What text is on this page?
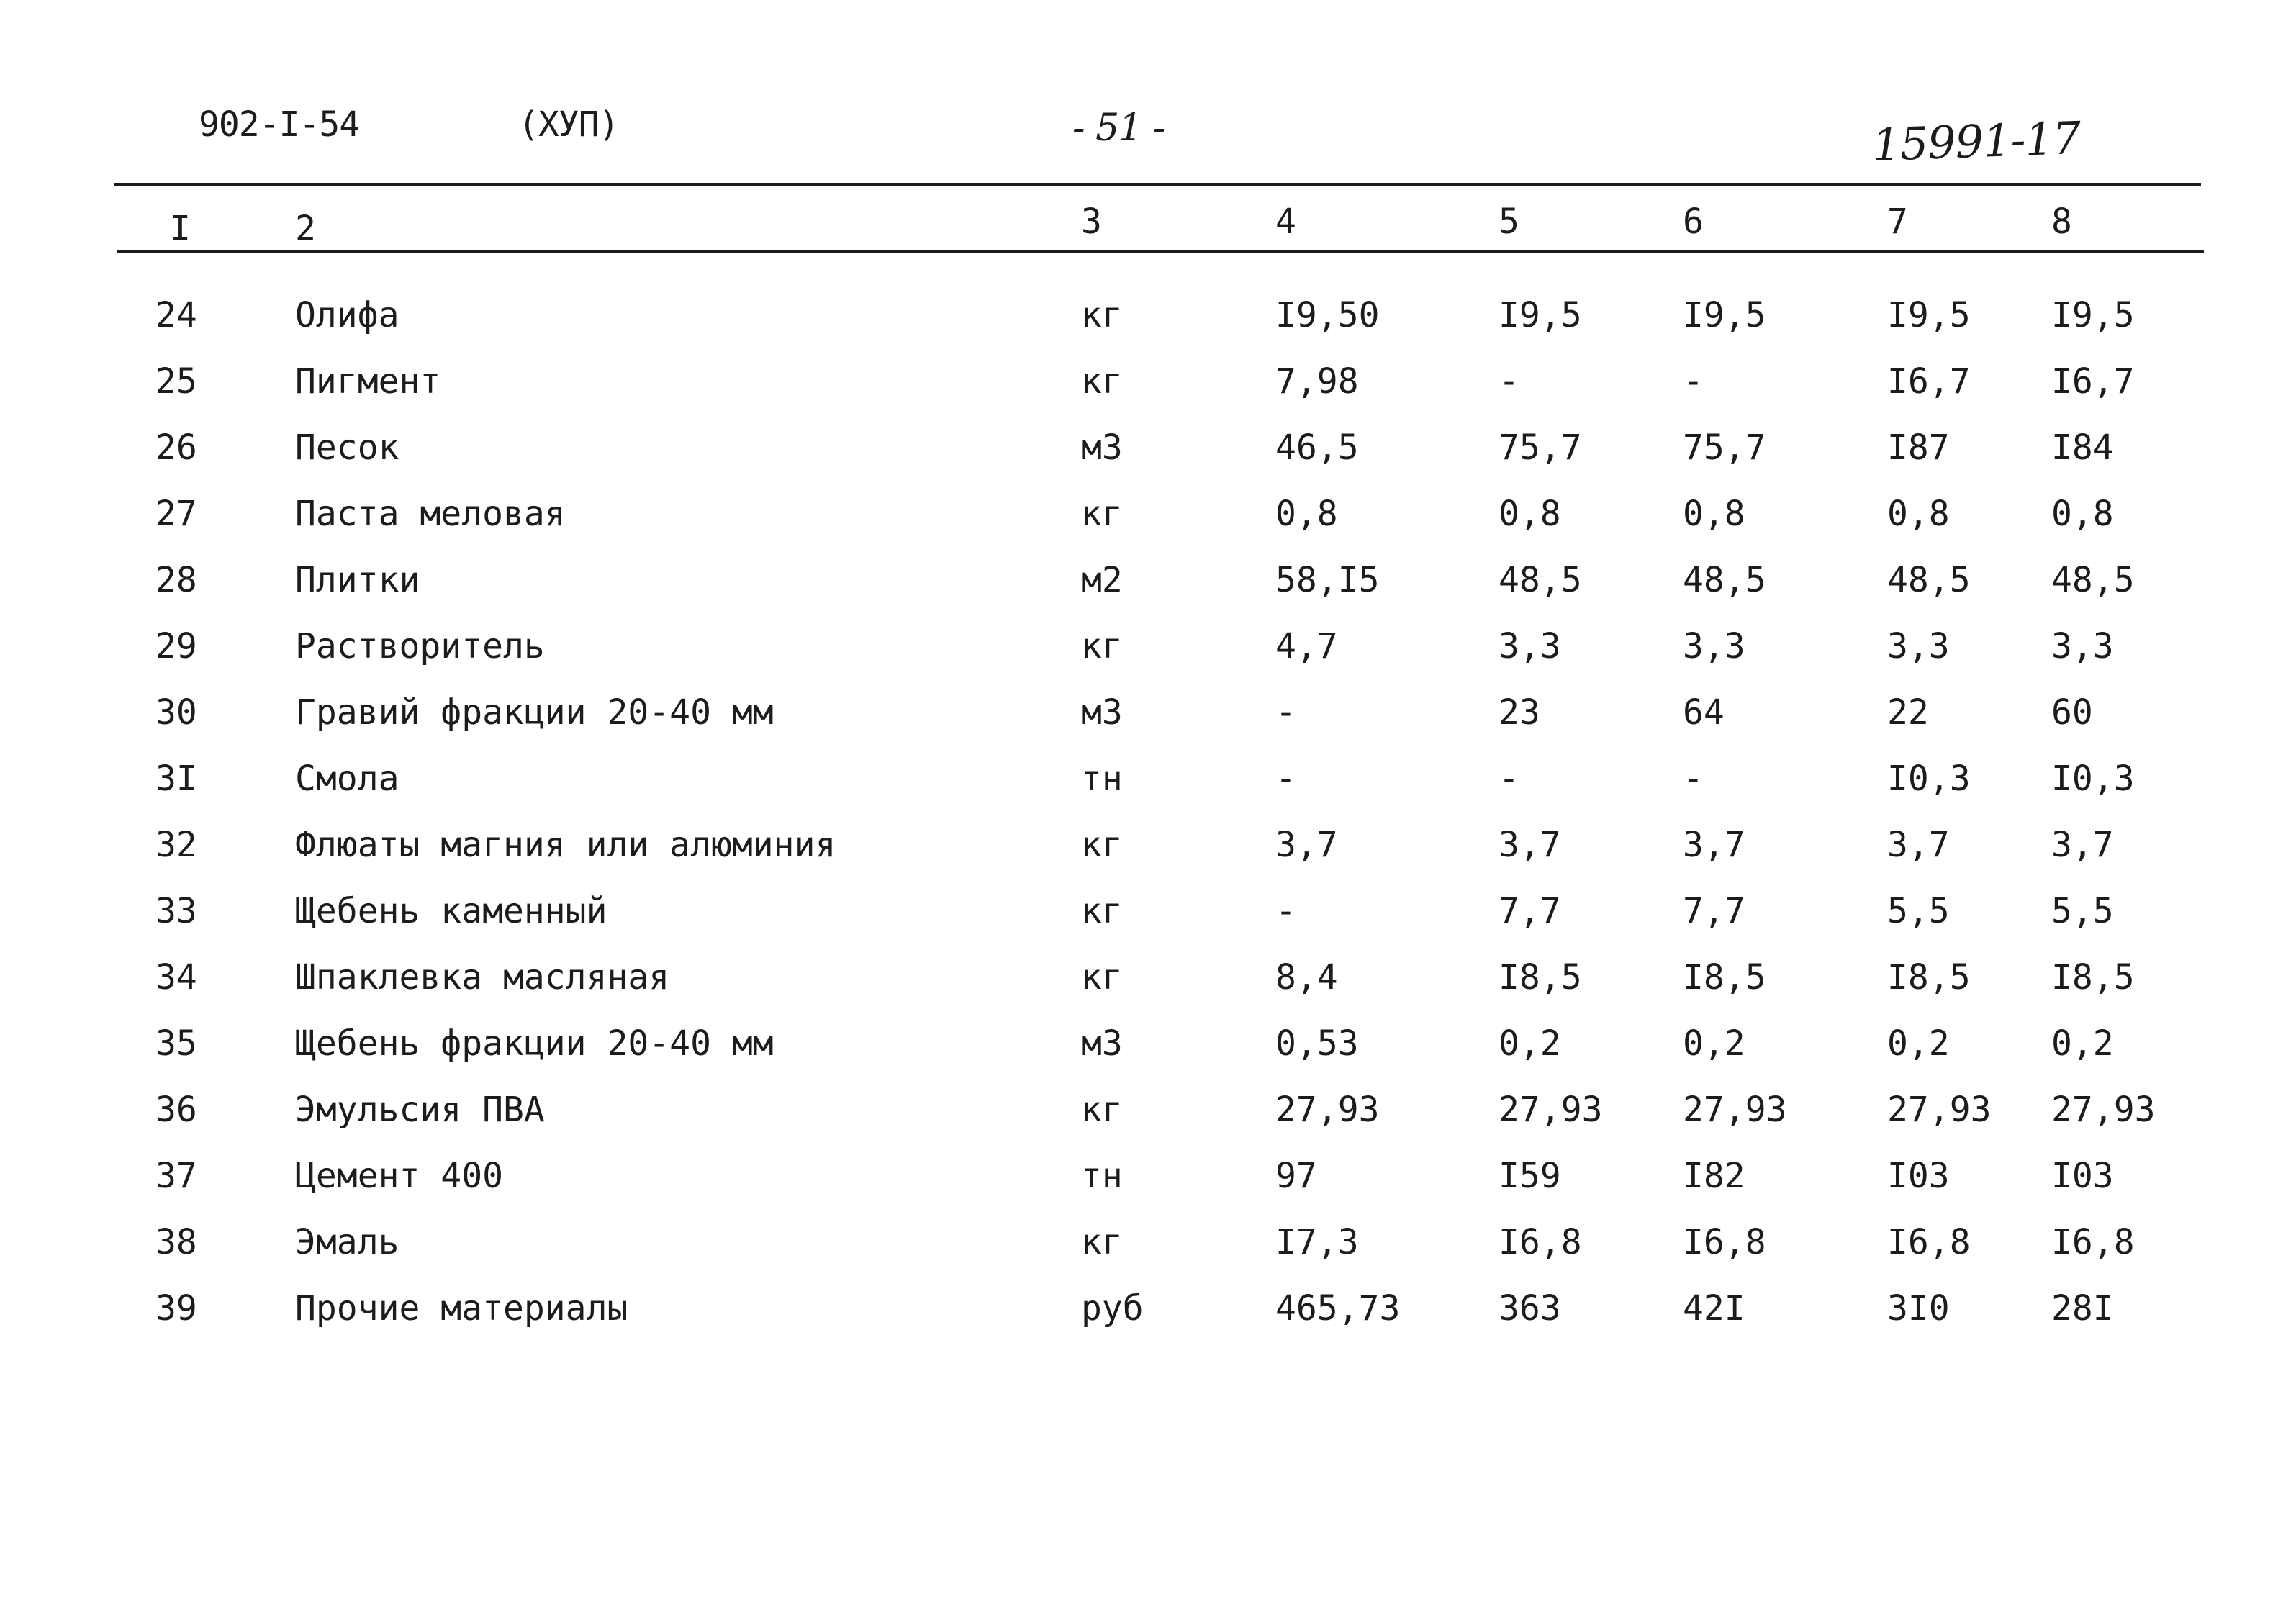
902-I-54	(ХУП)	- 51 -	15991-17
I	2	3	4	5	6	7	8
24	Олифа	кг	I9,50	I9,5	I9,5	I9,5	I9,5
25	Пигмент	кг	7,98	-	-	I6,7	I6,7
26	Песок	м3	46,5	75,7	75,7	I87	I84
27	Паста меловая	кг	0,8	0,8	0,8	0,8	0,8
28	Плитки	м2	58,I5	48,5	48,5	48,5	48,5
29	Растворитель	кг	4,7	3,3	3,3	3,3	3,3
30	Гравий фракции 20-40 мм	м3	-	23	64	22	60
3I	Смола	тн	-	-	-	I0,3	I0,3
32	Флюаты магния или алюминия	кг	3,7	3,7	3,7	3,7	3,7
33	Щебень каменный	кг	-	7,7	7,7	5,5	5,5
34	Шпаклевка масляная	кг	8,4	I8,5	I8,5	I8,5	I8,5
35	Щебень фракции 20-40 мм	м3	0,53	0,2	0,2	0,2	0,2
36	Эмульсия ПВА	кг	27,93	27,93	27,93	27,93	27,93
37	Цемент 400	тн	97	I59	I82	I03	I03
38	Эмаль	кг	I7,3	I6,8	I6,8	I6,8	I6,8
39	Прочие материалы	руб	465,73	363	42I	3I0	28I
